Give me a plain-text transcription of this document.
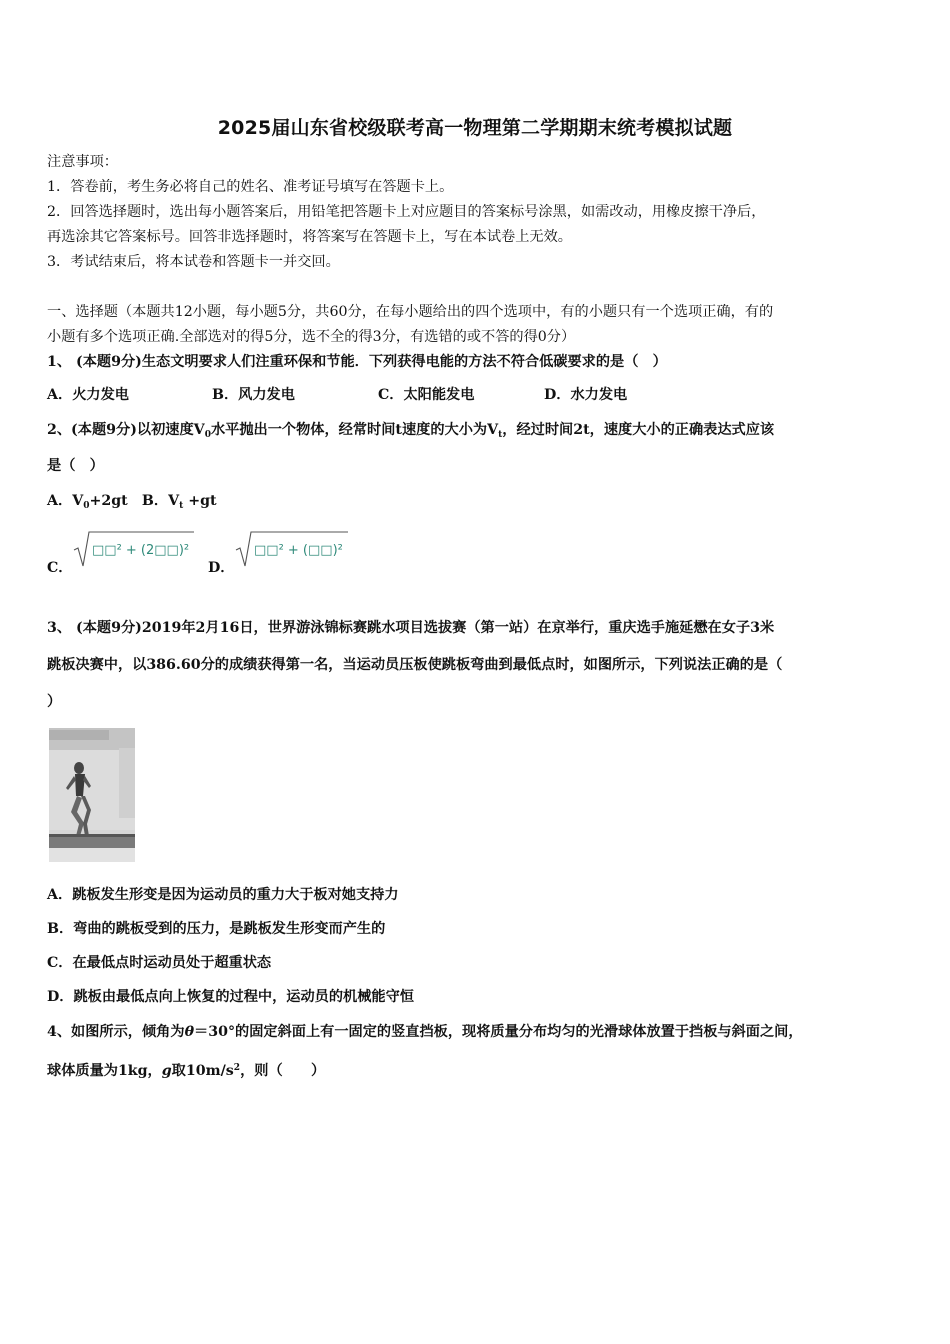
2025届山东省校级联考高一物理第二学期期末统考模拟试题
注意事项：
1．答卷前，考生务必将自己的姓名、准考证号填写在答题卡上。
2．回答选择题时，选出每小题答案后，用铅笔把答题卡上对应题目的答案标号涂黑，如需改动，用橡皮擦干净后，
再选涂其它答案标号。回答非选择题时，将答案写在答题卡上，写在本试卷上无效。
3．考试结束后，将本试卷和答题卡一并交回。
一、选择题（本题共12小题，每小题5分，共60分，在每小题给出的四个选项中，有的小题只有一个选项正确，有的
小题有多个选项正确.全部选对的得5分，选不全的得3分，有选错的或不答的得0分）
1、 (本题9分)生态文明要求人们注重环保和节能．下列获得电能的方法不符合低碳要求的是（　）
A．火力发电	B．风力发电	C．太阳能发电	D．水力发电
2、(本题9分)以初速度$V_0$水平抛出一个物体，经常时间t速度的大小为$V_t$，经过时间2t，速度大小的正确表达式应该
是（　）
A．$V_0+2gt$　B．$V_t +gt$
C．
□□² + (2□□)²
D．
□□² + (□□)²
3、 (本题9分)2019年2月16日，世界游泳锦标赛跳水项目选拔赛（第一站）在京举行，重庆选手施延懋在女子3米
跳板决赛中，以386.60分的成绩获得第一名，当运动员压板使跳板弯曲到最低点时，如图所示，下列说法正确的是（
）
A．跳板发生形变是因为运动员的重力大于板对她支持力
B．弯曲的跳板受到的压力，是跳板发生形变而产生的
C．在最低点时运动员处于超重状态
D．跳板由最低点向上恢复的过程中，运动员的机械能守恒
4、如图所示，倾角为θ＝30°的固定斜面上有一固定的竖直挡板，现将质量分布均匀的光滑球体放置于挡板与斜面之间，
球体质量为1kg，g取$10m/s^2$，则（　　）
